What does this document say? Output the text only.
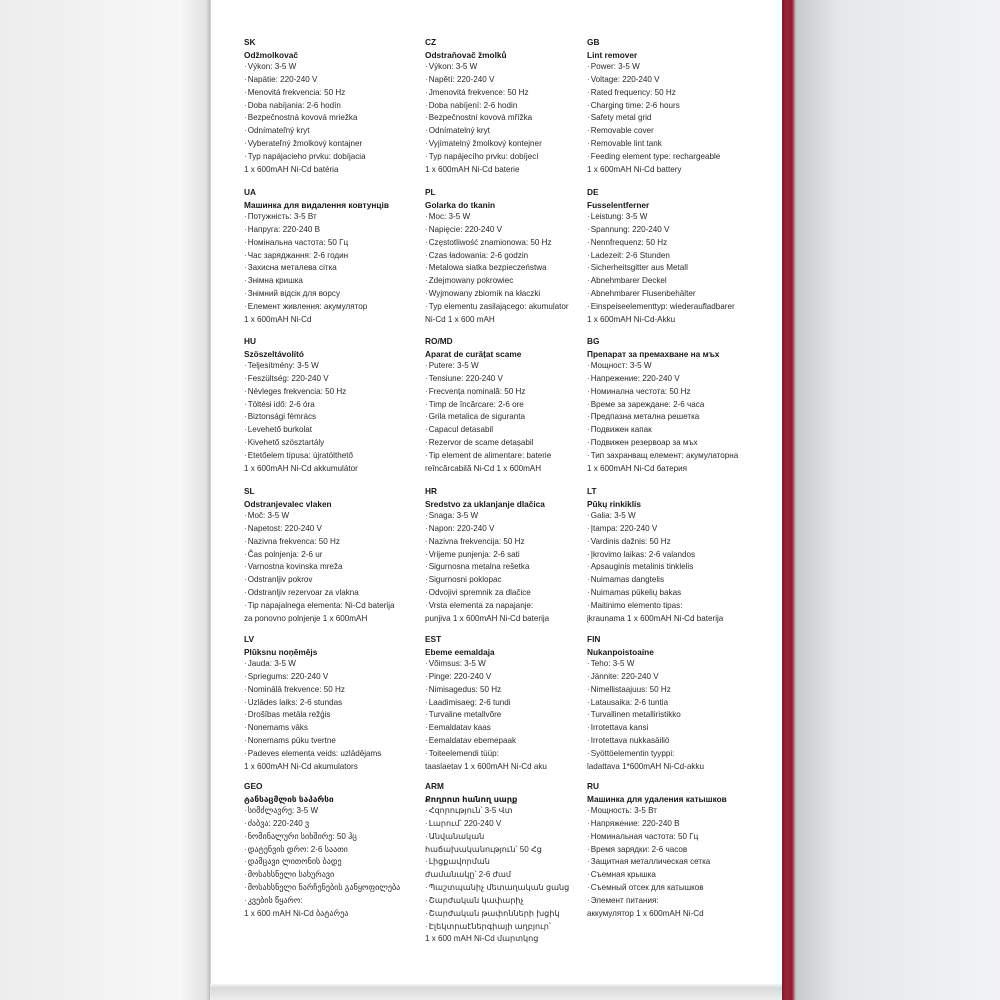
SK
Odžmolkovač
·Výkon: 3-5 W
·Napätie: 220-240 V
·Menovitá frekvencia: 50 Hz
·Doba nabíjania: 2-6 hodín
·Bezpečnostná kovová mriežka
·Odnímateľný kryt
·Vyberateľný žmolkový kontajner
·Typ napájacieho prvku: dobíjacia
1 x 600mAH Ni-Cd batéria
CZ
Odstraňovač žmolků
·Výkon: 3-5 W
·Napětí: 220-240 V
·Jmenovitá frekvence: 50 Hz
·Doba nabíjení: 2-6 hodin
·Bezpečnostní kovová mřížka
·Odnímatelný kryt
·Vyjímatelný žmolkový kontejner
·Typ napájecího prvku: dobíjecí
1 x 600mAH Ni-Cd baterie
GB
Lint remover
·Power: 3-5 W
·Voltage: 220-240 V
·Rated frequency: 50 Hz
·Charging time: 2-6 hours
·Safety metal grid
·Removable cover
·Removable lint tank
·Feeding element type: rechargeable
1 x 600mAH Ni-Cd battery
UA
Машинка для видалення ковтунців
·Потужність: 3-5 Вт
·Напруга: 220-240 В
·Номінальна частота: 50 Гц
·Час заряджання: 2-6 годин
·Захисна металева сітка
·Знімна кришка
·Знімний відсік для ворсу
·Елемент живлення: акумулятор
1 x 600mAH Ni-Cd
PL
Golarka do tkanin
·Moc: 3-5 W
·Napięcie: 220-240 V
·Częstotliwość znamionowa: 50 Hz
·Czas ładowania: 2-6 godzin
·Metalowa siatka bezpieczeństwa
·Zdejmowany pokrowiec
·Wyjmowany zbiornik na kłaczki
·Typ elementu zasilającego: akumulator
Ni-Cd 1 x 600 mAH
DE
Fusselentferner
·Leistung: 3-5 W
·Spannung: 220-240 V
·Nennfrequenz: 50 Hz
·Ladezeit: 2-6 Stunden
·Sicherheitsgitter aus Metall
·Abnehmbarer Deckel
·Abnehmbarer Flusenbehälter
·Einspeiseelementtyp: wiederaufladbarer
1 x 600mAH Ni-Cd-Akku
HU
Szöszeltávolító
·Teljesítmény: 3-5 W
·Feszültség: 220-240 V
·Névleges frekvencia: 50 Hz
·Töltési idő: 2-6 óra
·Biztonsági fémrács
·Levehető burkolat
·Kivehető szösztartály
·Etetőelem típusa: újratölthető
1 x 600mAH Ni-Cd akkumulátor
RO/MD
Aparat de curățat scame
·Putere: 3-5 W
·Tensiune: 220-240 V
·Frecvența nominală: 50 Hz
·Timp de încărcare: 2-6 ore
·Grila metalica de siguranta
·Capacul detasabil
·Rezervor de scame detașabil
·Tip element de alimentare: baterie
reîncărcabilă Ni-Cd 1 x 600mAH
BG
Препарат за премахване на мъх
·Мощност: 3-5 W
·Напрежение: 220-240 V
·Номинална честота: 50 Hz
·Време за зареждане: 2-6 часа
·Предпазна метална решетка
·Подвижен капак
·Подвижен резервоар за мъх
·Тип захранващ елемент: акумулаторна
1 x 600mAH Ni-Cd батерия
SL
Odstranjevalec vlaken
·Moč: 3-5 W
·Napetost: 220-240 V
·Nazivna frekvenca: 50 Hz
·Čas polnjenja: 2-6 ur
·Varnostna kovinska mreža
·Odstranljiv pokrov
·Odstranljiv rezervoar za vlakna
·Tip napajalnega elementa: Ni-Cd baterija
za ponovno polnjenje 1 x 600mAH
HR
Sredstvo za uklanjanje dlačica
·Snaga: 3-5 W
·Napon: 220-240 V
·Nazivna frekvencija: 50 Hz
·Vrijeme punjenja: 2-6 sati
·Sigurnosna metalna rešetka
·Sigurnosni poklopac
·Odvojivi spremnik za dlačice
·Vrsta elementa za napajanje:
punjiva 1 x 600mAH Ni-Cd baterija
LT
Pūkų rinkiklis
·Galia: 3-5 W
·Įtampa: 220-240 V
·Vardinis dažnis: 50 Hz
·Įkrovimo laikas: 2-6 valandos
·Apsauginis metalinis tinklelis
·Nuimamas dangtelis
·Nuimamas pūkelių bakas
·Maitinimo elemento tipas:
įkraunama 1 x 600mAH Ni-Cd baterija
LV
Plūksnu noņēmējs
·Jauda: 3-5 W
·Spriegums: 220-240 V
·Nominālā frekvence: 50 Hz
·Uzlādes laiks: 2-6 stundas
·Drošības metāla režģis
·Nonemams vāks
·Nonemams pūku tvertne
·Padeves elementa veids: uzlādējams
1 x 600mAH Ni-Cd akumulators
EST
Ebeme eemaldaja
·Võimsus: 3-5 W
·Pinge: 220-240 V
·Nimisagedus: 50 Hz
·Laadimisaeg: 2-6 tundi
·Turvaline metallvõre
·Eemaldatav kaas
·Eemaldatav ebemepaak
·Toiteelemendi tüüp:
taaslaetav 1 x 600mAH Ni-Cd aku
FIN
Nukanpoistoaine
·Teho: 3-5 W
·Jännite: 220-240 V
·Nimellistaajuus: 50 Hz
·Latausaika: 2-6 tuntia
·Turvallinen metalliristikko
·Irrotettava kansi
·Irrotettava nukkasäiliö
·Syöttöelementin tyyppi:
ladattava 1*600mAH Ni-Cd-akku
GEO
ტანსაცმლის საპარსი
·სიმძლავრე: 3-5 W
·ძაბვა: 220-240 ვ
·ნომინალური სიხშირე: 50 ჰც
·დატენვის დრო: 2-6 საათი
·დამცავი ლითონის ბადე
·მოსახსნელი სახურავი
·მოსახსნელი ნარჩენების განყოფილება
·კვების წყარო:
1 x 600 mAH Ni-Cd ბატარეა
ARM
Քողրոտ հանող սարք
·Հզորություն՝ 3-5 Վտ
·Լարում՝ 220-240 V
·Անվանական
հաճախականություն՝ 50 Հց
·Լիցքավորման
ժամանակը՝ 2-6 ժամ
·Պաշտպանիչ մետաղական ցանց
·Շարժական կափարիչ
·Շարժական թափոնների խցիկ
·Էլեկտրաէներգիայի աղբյուր՝
1 x 600 mAH Ni-Cd մարտկոց
RU
Машинка для удаления катышков
·Мощность: 3-5 Вт
·Напряжение: 220-240 В
·Номинальная частота: 50 Гц
·Время зарядки: 2-6 часов
·Защитная металлическая сетка
·Съемная крышка
·Съемный отсек для катышков
·Элемент питания:
аккумулятор 1 x 600mAH Ni-Cd
